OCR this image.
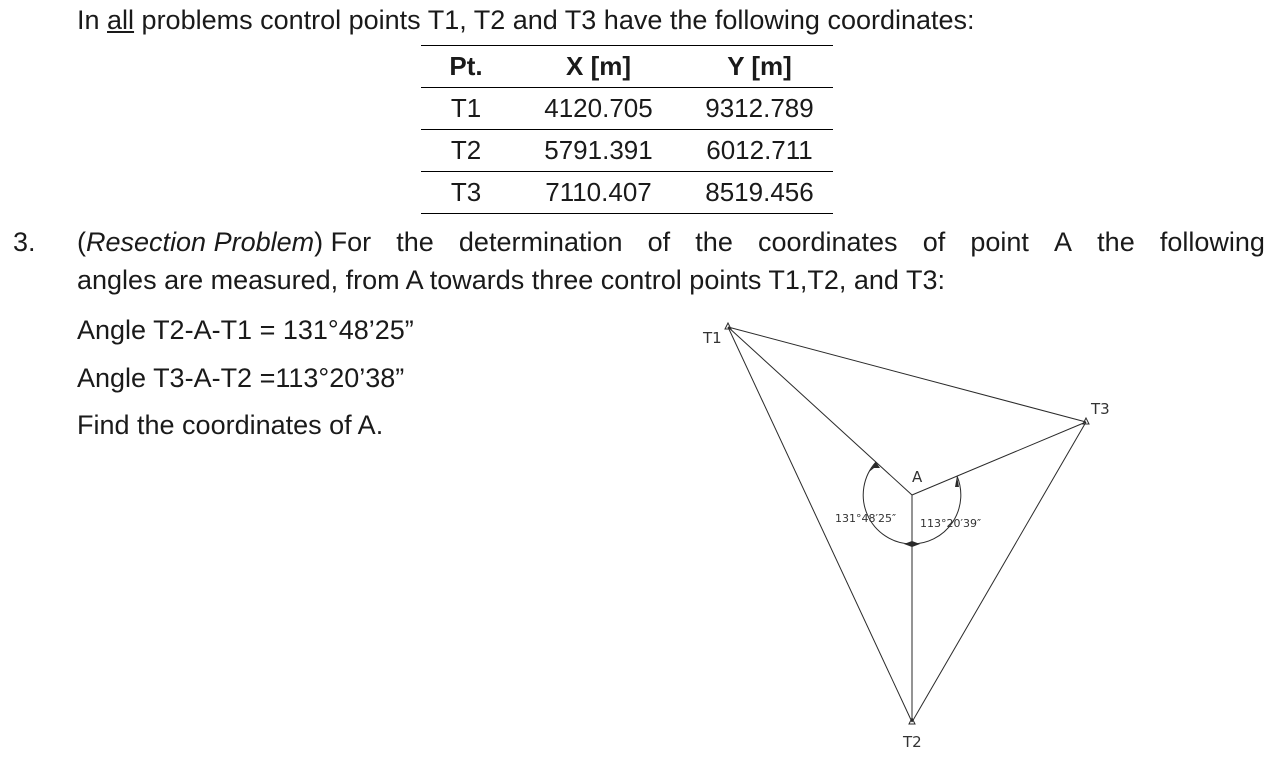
In all problems control points T1, T2 and T3 have the following coordinates:
Pt.	X [m]	Y [m]
T1	4120.705	9312.789
T2	5791.391	6012.711
T3	7110.407	8519.456
3. (Resection Problem) For the determination of the coordinates of point A the following
angles are measured, from A towards three control points T1,T2, and T3:
Angle T2-A-T1 = 131°48’25”
Angle T3-A-T2 =113°20’38”
Find the coordinates of A.
T1
T3
T2
A
131°48′25″ 113°20′39″
